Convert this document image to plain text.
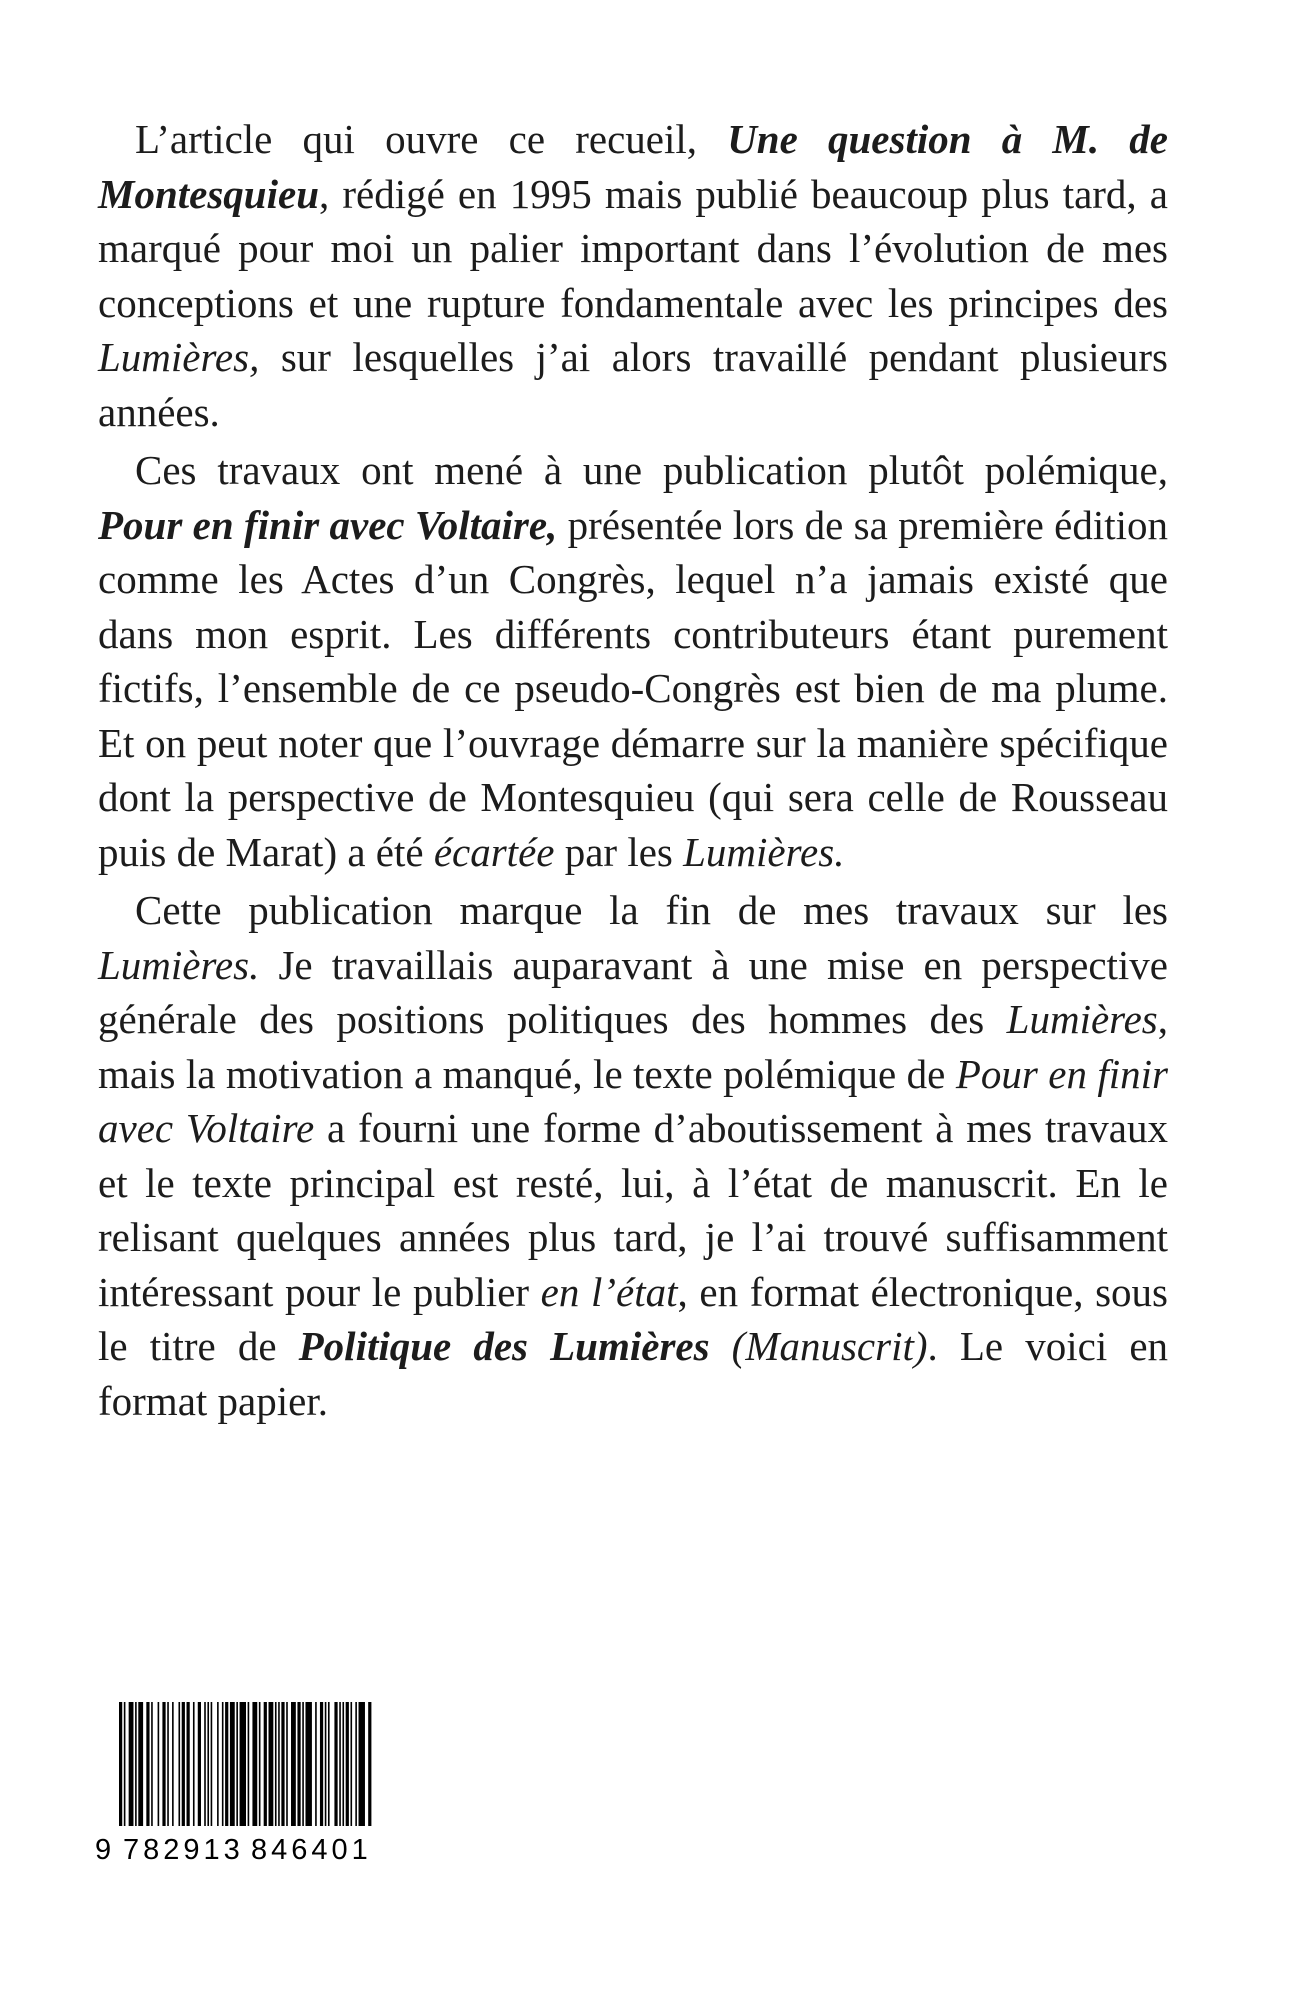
L’article qui ouvre ce recueil, Une question à M. de Montesquieu, rédigé en 1995 mais publié beaucoup plus tard, a marqué pour moi un palier important dans l’évolution de mes conceptions et une rupture fondamentale avec les principes des Lumières, sur lesquelles j’ai alors travaillé pendant plusieurs années.

Ces travaux ont mené à une publication plutôt polémique, Pour en finir avec Voltaire, présentée lors de sa première édition comme les Actes d’un Congrès, lequel n’a jamais existé que dans mon esprit. Les différents contributeurs étant purement fictifs, l’ensemble de ce pseudo-Congrès est bien de ma plume. Et on peut noter que l’ouvrage démarre sur la manière spécifique dont la perspective de Montesquieu (qui sera celle de Rousseau puis de Marat) a été écartée par les Lumières.

Cette publication marque la fin de mes travaux sur les Lumières. Je travaillais auparavant à une mise en perspective générale des positions politiques des hommes des Lumières, mais la motivation a manqué, le texte polémique de Pour en finir avec Voltaire a fourni une forme d’aboutissement à mes travaux et le texte principal est resté, lui, à l’état de manuscrit. En le relisant quelques années plus tard, je l’ai trouvé suffisamment intéressant pour le publier en l’état, en format électronique, sous le titre de Politique des Lumières (Manuscrit). Le voici en format papier.

9 782913 846401
